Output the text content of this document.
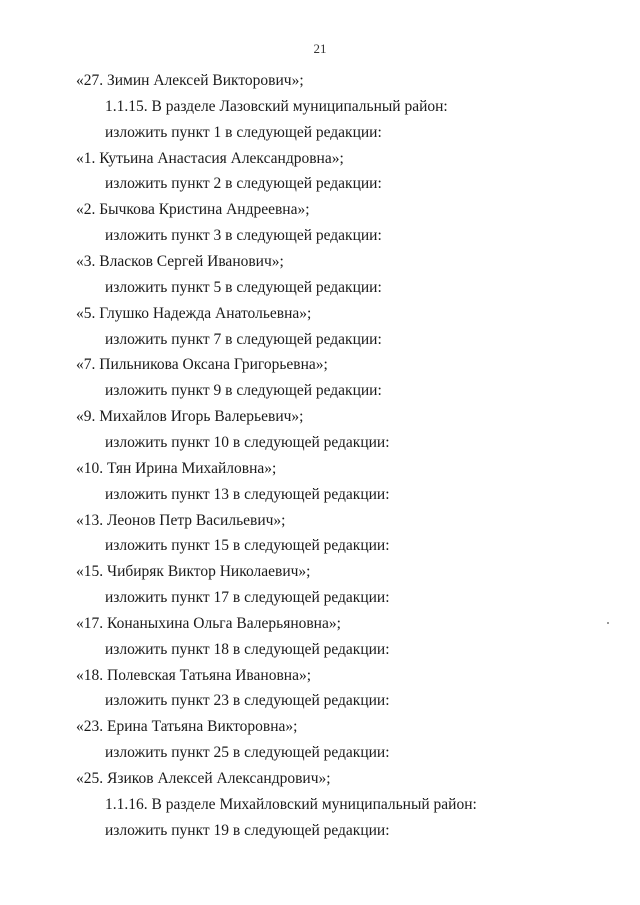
21
«27. Зимин Алексей Викторович»;
1.1.15. В разделе Лазовский муниципальный район:
изложить пункт 1 в следующей редакции:
«1. Кутьина Анастасия Александровна»;
изложить пункт 2 в следующей редакции:
«2. Бычкова Кристина Андреевна»;
изложить пункт 3 в следующей редакции:
«3. Власков Сергей Иванович»;
изложить пункт 5 в следующей редакции:
«5. Глушко Надежда Анатольевна»;
изложить пункт 7 в следующей редакции:
«7. Пильникова Оксана Григорьевна»;
изложить пункт 9 в следующей редакции:
«9. Михайлов Игорь Валерьевич»;
изложить пункт 10 в следующей редакции:
«10. Тян Ирина Михайловна»;
изложить пункт 13 в следующей редакции:
«13. Леонов Петр Васильевич»;
изложить пункт 15 в следующей редакции:
«15. Чибиряк Виктор Николаевич»;
изложить пункт 17 в следующей редакции:
«17. Конаныхина Ольга Валерьяновна»;
изложить пункт 18 в следующей редакции:
«18. Полевская Татьяна Ивановна»;
изложить пункт 23 в следующей редакции:
«23. Ерина Татьяна Викторовна»;
изложить пункт 25 в следующей редакции:
«25. Язиков Алексей Александрович»;
1.1.16. В разделе Михайловский муниципальный район:
изложить пункт 19 в следующей редакции:
